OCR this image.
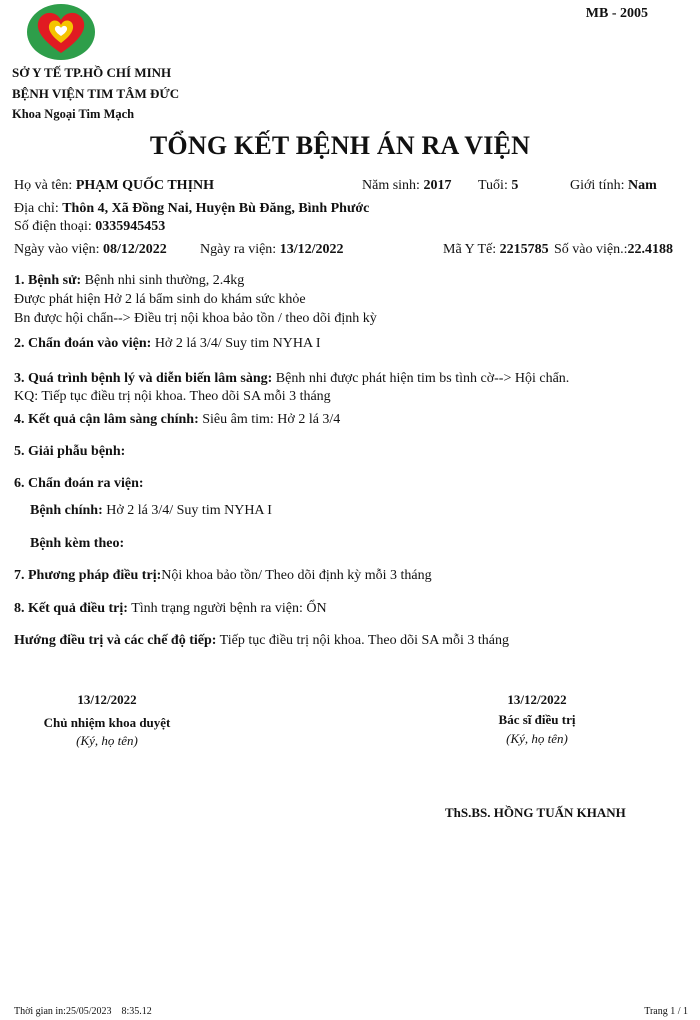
MB - 2005
SỞ Y TẾ TP.HỒ CHÍ MINH
BỆNH VIỆN TIM TÂM ĐỨC
Khoa Ngoại Tim Mạch
TỔNG KẾT BỆNH ÁN RA VIỆN
Họ và tên: PHẠM QUỐC THỊNH	Năm sinh: 2017 Tuổi: 5	Giới tính: Nam
Địa chỉ: Thôn 4, Xã Đồng Nai, Huyện Bù Đăng, Bình Phước
Số điện thoại: 0335945453
Ngày vào viện: 08/12/2022 Ngày ra viện: 13/12/2022	Mã Y Tế: 2215785 Số vào viện.:22.4188
1. Bệnh sử: Bệnh nhi sinh thường, 2.4kg
Được phát hiện Hở 2 lá bẩm sinh do khám sức khỏe
Bn được hội chẩn--> Điều trị nội khoa bảo tồn / theo dõi định kỳ
2. Chẩn đoán vào viện: Hở 2 lá 3/4/ Suy tim NYHA I
3. Quá trình bệnh lý và diễn biến lâm sàng: Bệnh nhi được phát hiện tim bs tình cờ--> Hội chẩn.
KQ: Tiếp tục điều trị nội khoa. Theo dõi SA mỗi 3 tháng
4. Kết quả cận lâm sàng chính: Siêu âm tim: Hở 2 lá 3/4
5. Giải phẫu bệnh:
6. Chẩn đoán ra viện:
Bệnh chính: Hở 2 lá 3/4/ Suy tim NYHA I
Bệnh kèm theo:
7. Phương pháp điều trị:Nội khoa bảo tồn/ Theo dõi định kỳ mỗi 3 tháng
8. Kết quả điều trị: Tình trạng người bệnh ra viện: ỔN
Hướng điều trị và các chế độ tiếp: Tiếp tục điều trị nội khoa. Theo dõi SA mỗi 3 tháng
13/12/2022
Chủ nhiệm khoa duyệt
(Ký, họ tên)
13/12/2022
Bác sĩ điều trị
(Ký, họ tên)
ThS.BS. HỒNG TUẤN KHANH
Thời gian in:25/05/2023    8:35.12	Trang 1 / 1
